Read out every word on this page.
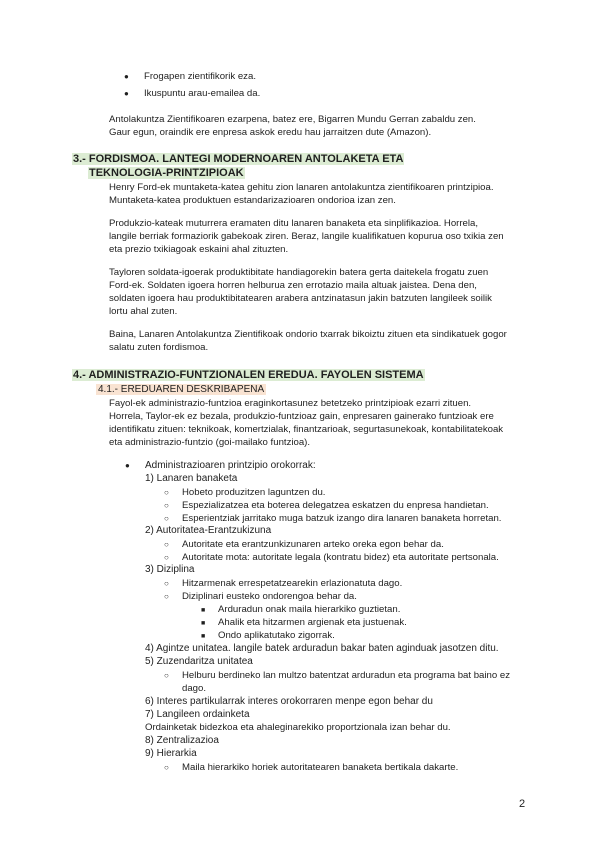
● Frogapen zientifikorik eza.
● Ikuspuntu arau-emailea da.
Antolakuntza Zientifikoaren ezarpena, batez ere, Bigarren Mundu Gerran zabaldu zen.
Gaur egun, oraindik ere enpresa askok eredu hau jarraitzen dute (Amazon).
3.- FORDISMOA. LANTEGI MODERNOAREN ANTOLAKETA ETA
TEKNOLOGIA-PRINTZIPIOAK
Henry Ford-ek muntaketa-katea gehitu zion lanaren antolakuntza zientifikoaren printzipioa.
Muntaketa-katea produktuen estandarizazioaren ondorioa izan zen.
Produkzio-kateak muturrera eramaten ditu lanaren banaketa eta sinplifikazioa. Horrela,
langile berriak formaziorik gabekoak ziren. Beraz, langile kualifikatuen kopurua oso txikia zen
eta prezio txikiagoak eskaini ahal zituzten.
Tayloren soldata-igoerak produktibitate handiagorekin batera gerta daitekela frogatu zuen
Ford-ek. Soldaten igoera horren helburua zen errotazio maila altuak jaistea. Dena den,
soldaten igoera hau produktibitatearen arabera antzinatasun jakin batzuten langileek soilik
lortu ahal zuten.
Baina, Lanaren Antolakuntza Zientifikoak ondorio txarrak bikoiztu zituen eta sindikatuek gogor
salatu zuten fordismoa.
4.- ADMINISTRAZIO-FUNTZIONALEN EREDUA. FAYOLEN SISTEMA
4.1.- EREDUAREN DESKRIBAPENA
Fayol-ek administrazio-funtzioa eraginkortasunez betetzeko printzipioak ezarri zituen.
Horrela, Taylor-ek ez bezala, produkzio-funtzioaz gain, enpresaren gainerako funtzioak ere
identifikatu zituen: teknikoak, komertzialak, finantzarioak, segurtasunekoak, kontabilitatekoak
eta administrazio-funtzio (goi-mailako funtzioa).
● Administrazioaren printzipio orokorrak:
1) Lanaren banaketa
○ Hobeto produzitzen laguntzen du.
○ Espezializatzea eta boterea delegatzea eskatzen du enpresa handietan.
○ Esperientziak jarritako muga batzuk izango dira lanaren banaketa horretan.
2) Autoritatea-Erantzukizuna
○ Autoritate eta erantzunkizunaren arteko oreka egon behar da.
○ Autoritate mota: autoritate legala (kontratu bidez) eta autoritate pertsonala.
3) Diziplina
○ Hitzarmenak errespetatzearekin erlazionatuta dago.
○ Diziplinari eusteko ondorengoa behar da.
■ Arduradun onak maila hierarkiko guztietan.
■ Ahalik eta hitzarmen argienak eta justuenak.
■ Ondo aplikatutako zigorrak.
4) Agintze unitatea. langile batek arduradun bakar baten aginduak jasotzen ditu.
5) Zuzendaritza unitatea
○ Helburu berdineko lan multzo batentzat arduradun eta programa bat baino ez
dago.
6) Interes partikularrak interes orokorraren menpe egon behar du
7) Langileen ordainketa
Ordainketak bidezkoa eta ahaleginarekiko proportzionala izan behar du.
8) Zentralizazioa
9) Hierarkia
○ Maila hierarkiko horiek autoritatearen banaketa bertikala dakarte.
2
